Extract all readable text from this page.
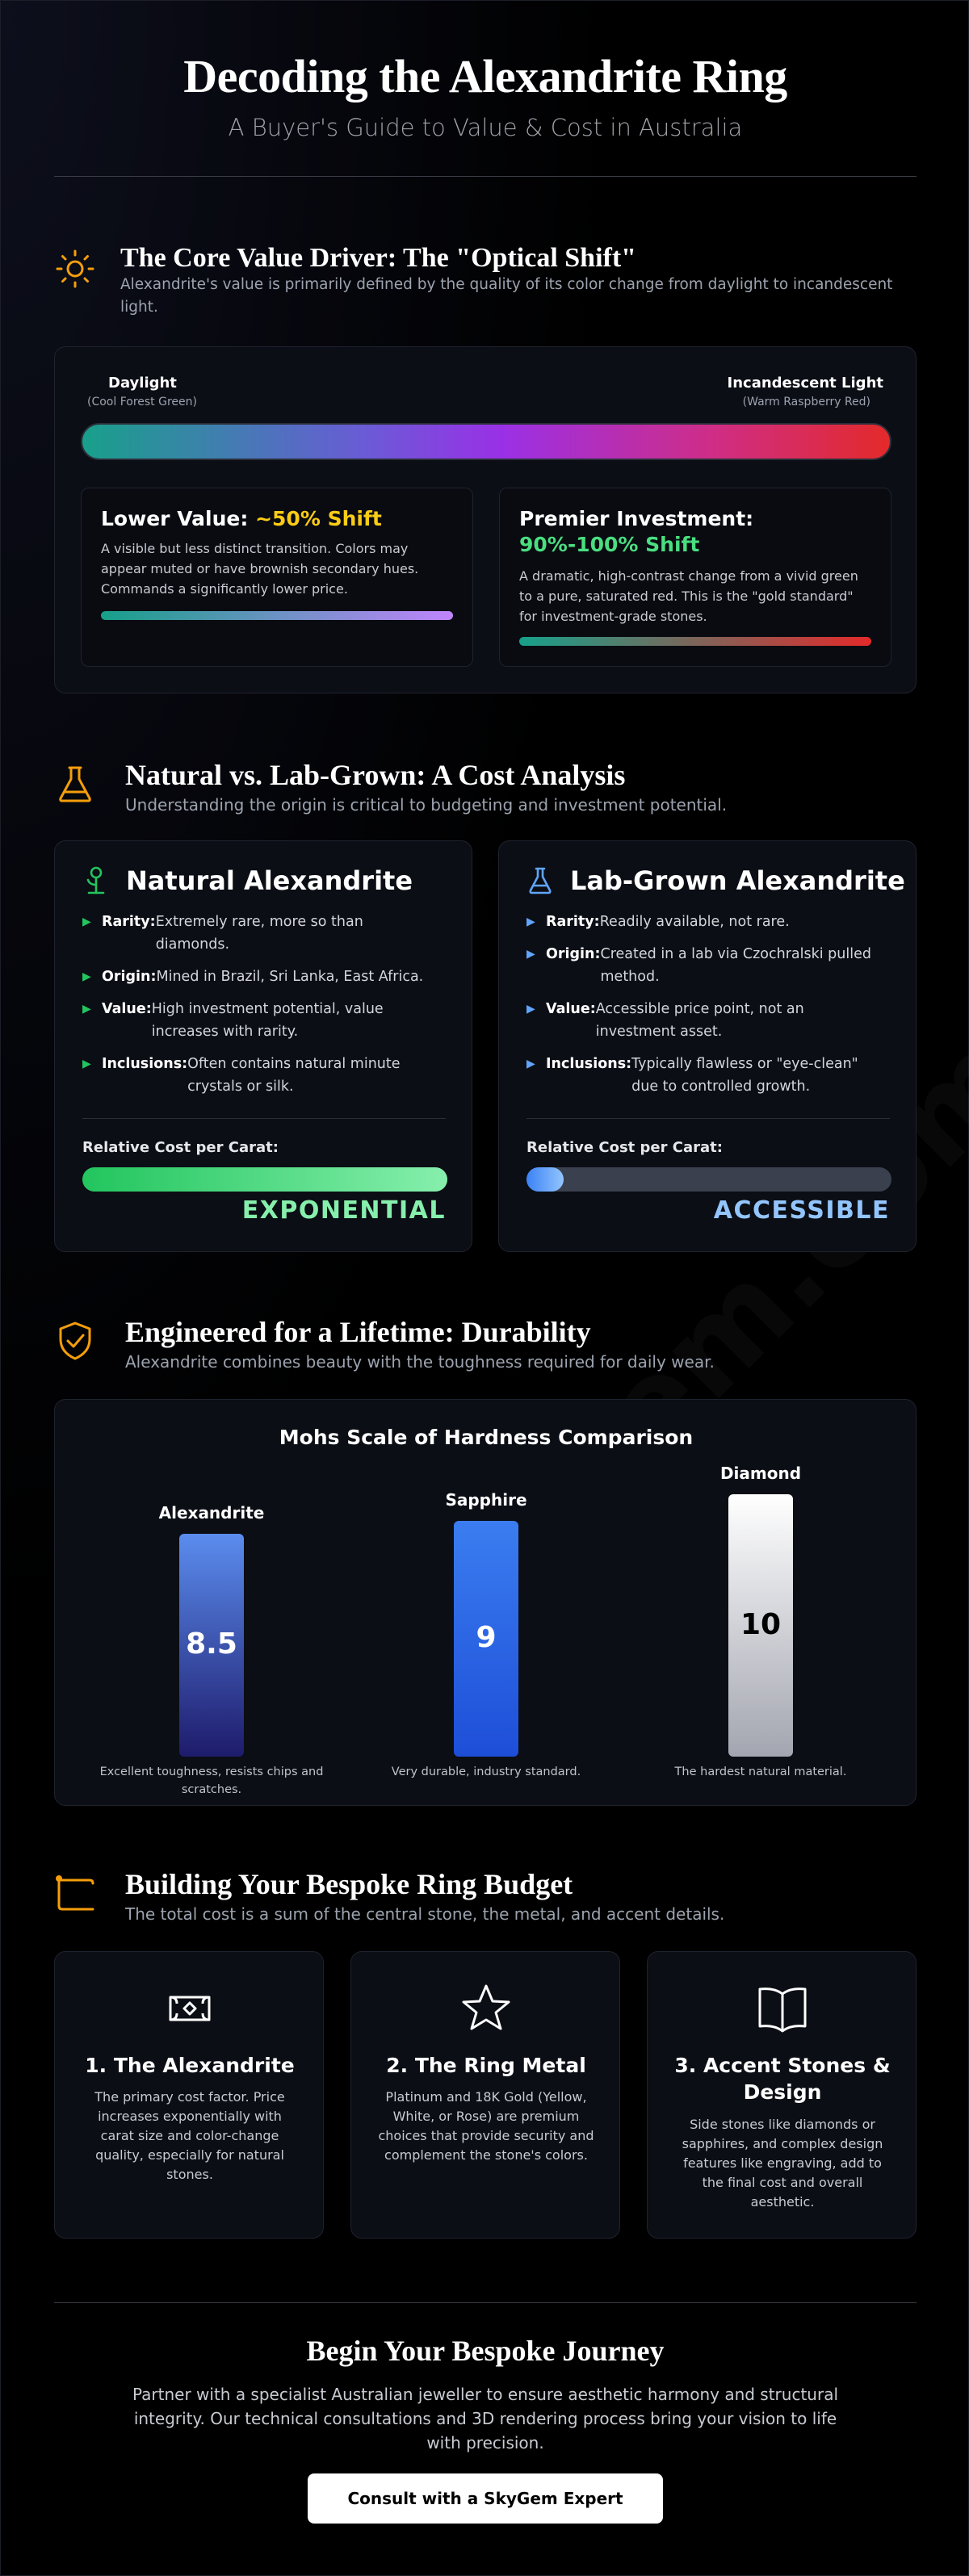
Decoding the Alexandrite Ring
A Buyer's Guide to Value & Cost in Australia
The Core Value Driver: The "Optical Shift"

Alexandrite's value is primarily defined by the quality of its color change from daylight to incandescent light.

Daylight
(Cool Forest Green)
Incandescent Light
(Warm Raspberry Red)
Lower Value: ~50% Shift

A visible but less distinct transition. Colors may appear muted or have brownish secondary hues. Commands a significantly lower price.

Premier Investment: 90%-100% Shift

A dramatic, high-contrast change from a vivid green to a pure, saturated red. This is the "gold standard" for investment-grade stones.

Natural vs. Lab-Grown: A Cost Analysis

Understanding the origin is critical to budgeting and investment potential.

Natural Alexandrite
▶ Rarity: Extremely rare, more so than diamonds.
▶ Origin: Mined in Brazil, Sri Lanka, East Africa.
▶ Value: High investment potential, value increases with rarity.
▶ Inclusions: Often contains natural minute crystals or silk.
Relative Cost per Carat:
EXPONENTIAL
Lab-Grown Alexandrite
▶ Rarity: Readily available, not rare.
▶ Origin: Created in a lab via Czochralski pulled method.
▶ Value: Accessible price point, not an investment asset.
▶ Inclusions: Typically flawless or "eye-clean" due to controlled growth.
Relative Cost per Carat:
ACCESSIBLE
Engineered for a Lifetime: Durability

Alexandrite combines beauty with the toughness required for daily wear.

Mohs Scale of Hardness Comparison
Alexandrite
8.5
Excellent toughness, resists chips and scratches.
Sapphire
9
Very durable, industry standard.
Diamond
10
The hardest natural material.
Building Your Bespoke Ring Budget

The total cost is a sum of the central stone, the metal, and accent details.

1. The Alexandrite

The primary cost factor. Price increases exponentially with carat size and color-change quality, especially for natural stones.

2. The Ring Metal

Platinum and 18K Gold (Yellow, White, or Rose) are premium choices that provide security and complement the stone's colors.

3. Accent Stones & Design

Side stones like diamonds or sapphires, and complex design features like engraving, add to the final cost and overall aesthetic.

Begin Your Bespoke Journey

Partner with a specialist Australian jeweller to ensure aesthetic harmony and structural integrity. Our technical consultations and 3D rendering process bring your vision to life with precision.

Consult with a SkyGem Expert
